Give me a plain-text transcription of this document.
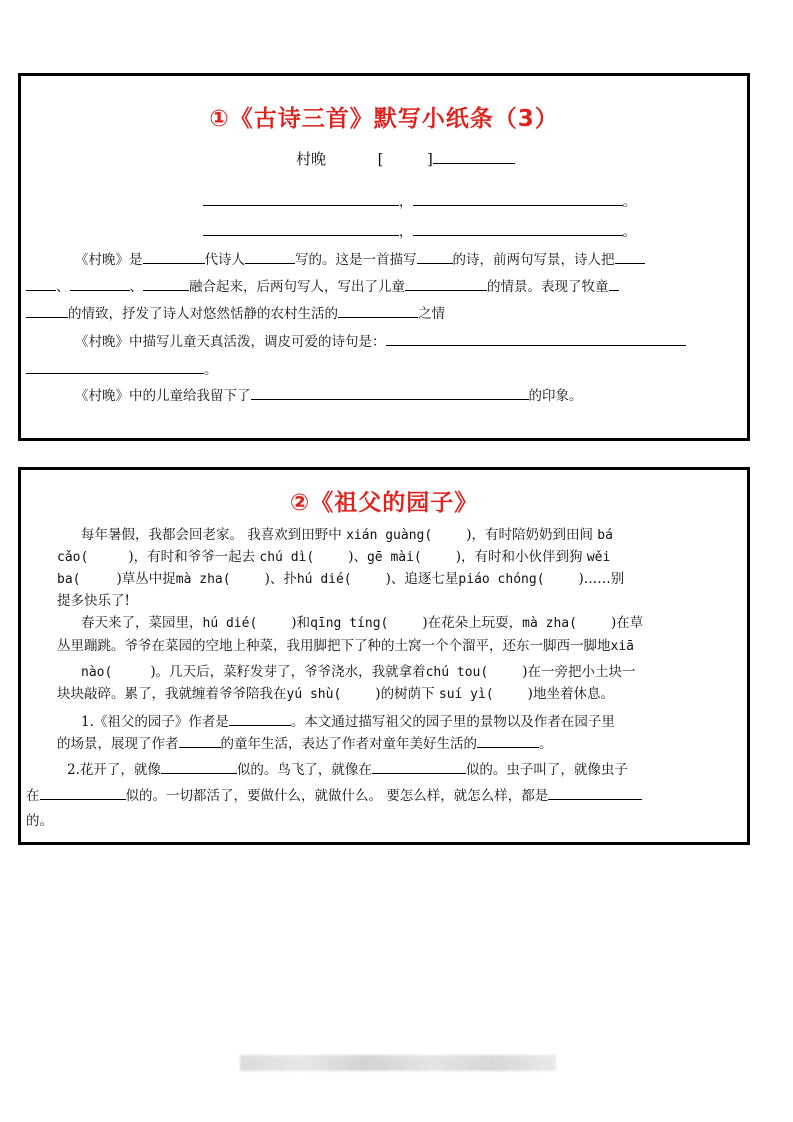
①《古诗三首》默写小纸条（3）
村晚	[	]
，	。
，	。
《村晚》是	代诗人	写的。这是一首描写	的诗，前两句写景，诗人把
、	、	融合起来，后两句写人，写出了儿童	的情景。表现了牧童
的情致，抒发了诗人对悠然恬静的农村生活的	之情
《村晚》中描写儿童天真活泼，调皮可爱的诗句是：
。
《村晚》中的儿童给我留下了	的印象。
②《祖父的园子》
每年暑假，我都会回老家。 我喜欢到田野中 xián guàng(	)，有时陪奶奶到田间 bá
cǎo(	)，有时和爷爷一起去 chú dì(	)、gē mài(	)，有时和小伙伴到狗 wěi
ba(	)草丛中捉mà zha(	)、扑hú dié(	)、追逐七星piáo chóng(	)……别
提多快乐了!
春天来了，菜园里，hú dié(	)和qīng tíng(	)在花朵上玩耍，mà zha(	)在草
丛里蹦跳。爷爷在菜园的空地上种菜，我用脚把下了种的土窝一个个溜平，还东一脚西一脚地xiā
nào(	)。几天后，菜籽发芽了，爷爷浇水，我就拿着chú tou(	)在一旁把小土块一
块块敲碎。累了，我就缠着爷爷陪我在yú shù(	)的树荫下 suí yì(	)地坐着休息。
1.《祖父的园子》作者是	。本文通过描写祖父的园子里的景物以及作者在园子里
的场景，展现了作者	的童年生活，表达了作者对童年美好生活的	。
2.花开了，就像	似的。鸟飞了，就像在	似的。虫子叫了，就像虫子
在	似的。一切都活了，要做什么，就做什么。 要怎么样，就怎么样，都是
的。
